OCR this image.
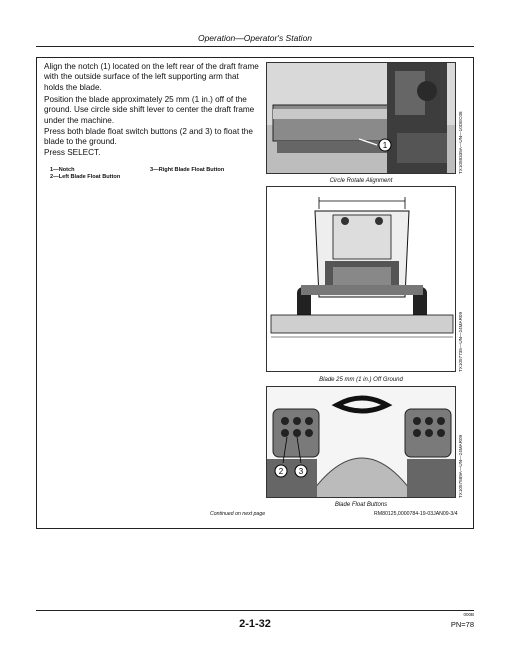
Operation—Operator's Station

Align the notch (1) located on the left rear of the draft frame with the outside surface of the left supporting arm that holds the blade.

Position the blade approximately 25 mm (1 in.) off of the ground. Use circle side shift lever to center the draft frame under the machine.

Press both blade float switch buttons (2 and 3) to float the blade to the ground.

Press SELECT.

1—Notch
2—Left Blade Float Button
3—Right Blade Float Button
1	TX1058335A—UN—10DEC08
Circle Rotate Alignment
TX1057735—UN—24MAR09
Blade 25 mm (1 in.) Off Ground
2 3	TX1057589A—UN—24MAR09
Blade Float Buttons
Continued on next page	RM80125,0000784-19-03JAN09-3/4
2-1-32
000B
PN=78
